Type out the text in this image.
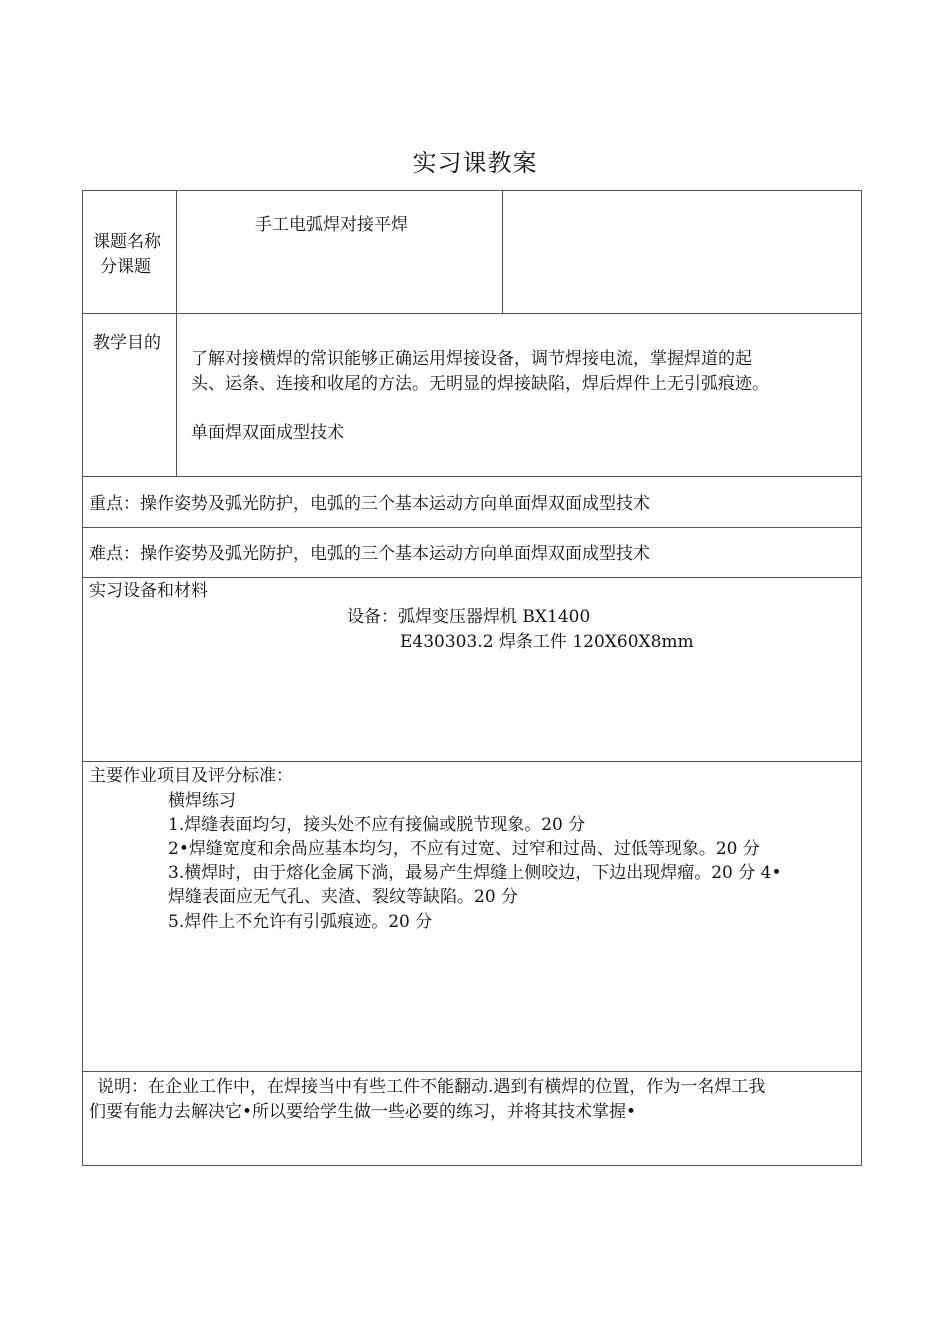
实习课教案
课题名称
分课题
手工电弧焊对接平焊
教学目的
了解对接横焊的常识能够正确运用焊接设备，调节焊接电流，掌握焊道的起
头、运条、连接和收尾的方法。无明显的焊接缺陷，焊后焊件上无引弧痕迹。
单面焊双面成型技术
重点：操作姿势及弧光防护，电弧的三个基本运动方向单面焊双面成型技术
难点：操作姿势及弧光防护，电弧的三个基本运动方向单面焊双面成型技术
实习设备和材料
设备：弧焊变压器焊机 BX1400
E430303.2 焊条工件 120X60X8mm
主要作业项目及评分标准：
横焊练习
1.焊缝表面均匀，接头处不应有接偏或脱节现象。20 分
2•焊缝宽度和余咼应基本均匀，不应有过宽、过窄和过咼、过低等现象。20 分
3.横焊时，由于熔化金属下淌，最易产生焊缝上侧咬边，下边出现焊瘤。20 分 4•
焊缝表面应无气孔、夹渣、裂纹等缺陷。20 分
5.焊件上不允许有引弧痕迹。20 分
说明：在企业工作中，在焊接当中有些工件不能翻动.遇到有横焊的位置，作为一名焊工我
们要有能力去解决它•所以要给学生做一些必要的练习，并将其技术掌握•
